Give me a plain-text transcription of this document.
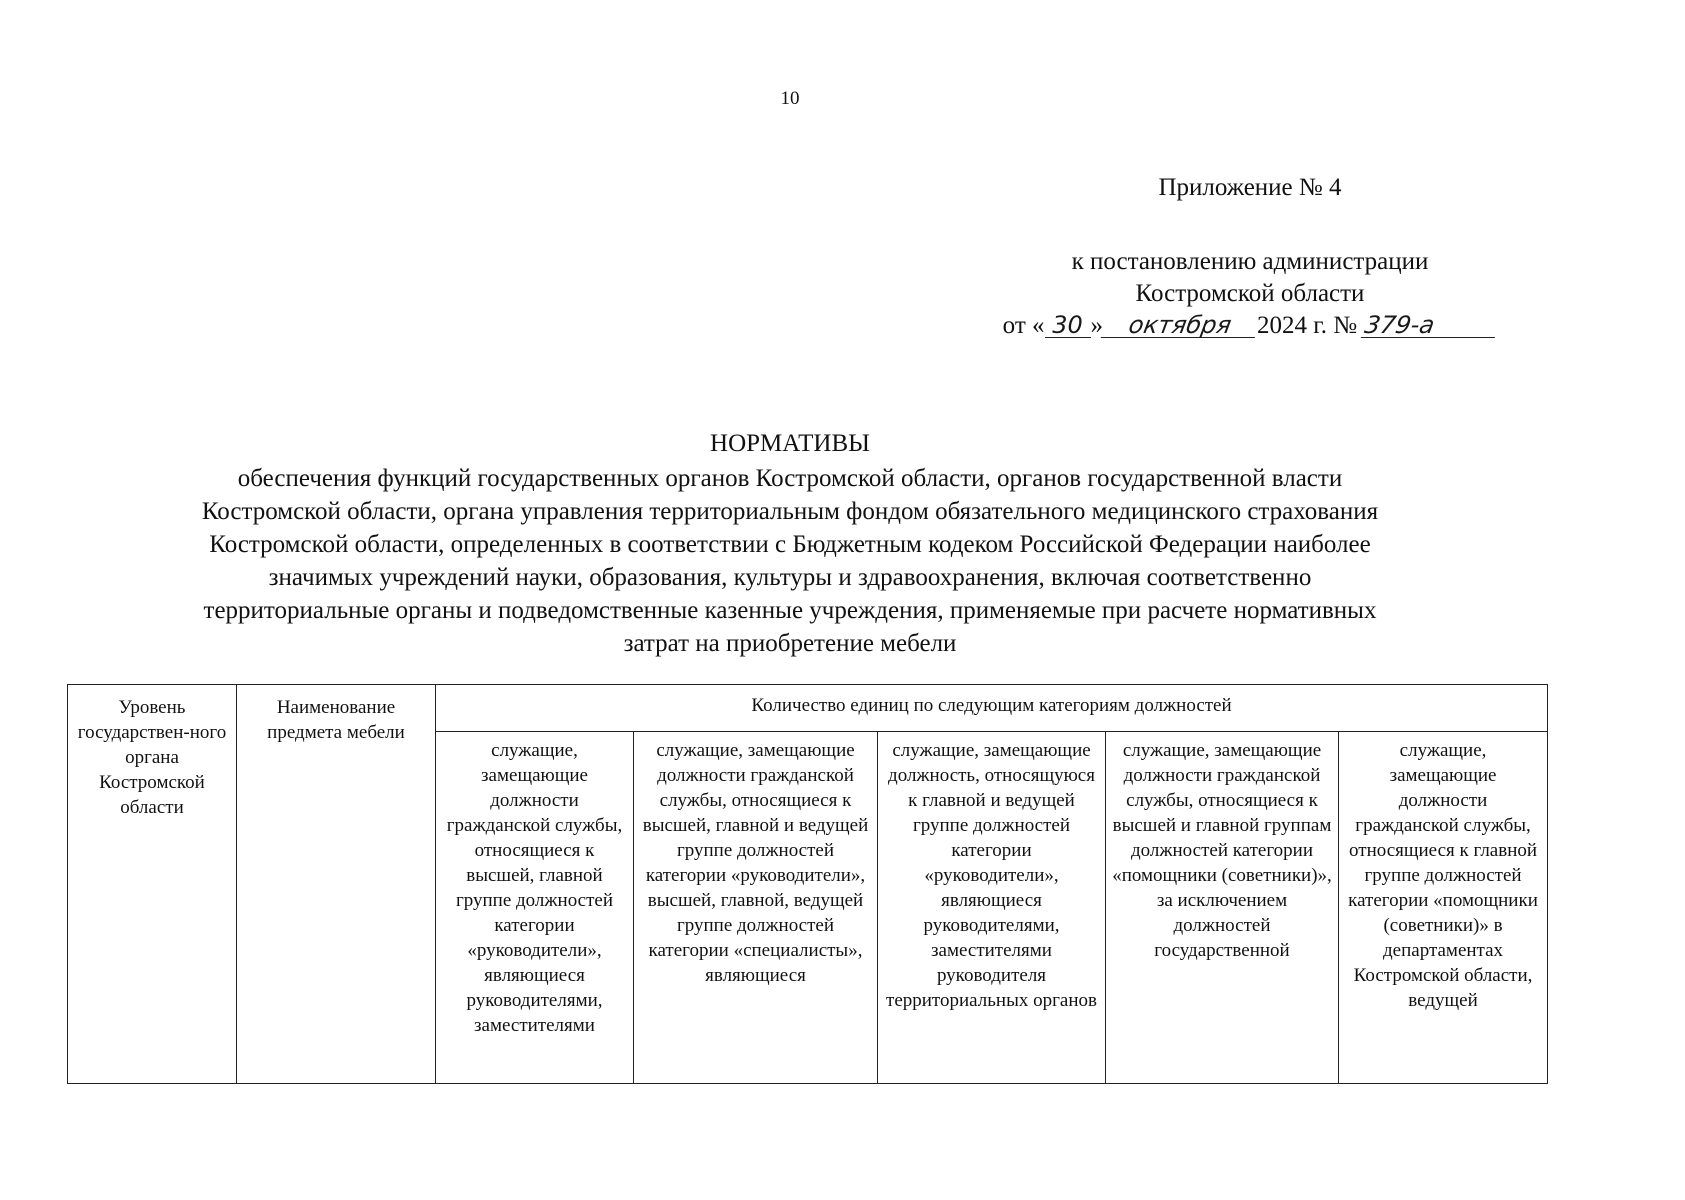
10
Приложение № 4
к постановлению администрации
Костромской области
от « 30 » октября 2024 г. № 379-а
НОРМАТИВЫ
обеспечения функций государственных органов Костромской области, органов государственной власти
Костромской области, органа управления территориальным фондом обязательного медицинского страхования
Костромской области, определенных в соответствии с Бюджетным кодеком Российской Федерации наиболее
значимых учреждений науки, образования, культуры и здравоохранения, включая соответственно
территориальные органы и подведомственные казенные учреждения, применяемые при расчете нормативных
затрат на приобретение мебели
Уровень государствен-ного органа Костромской области	Наименование предмета мебели	Количество единиц по следующим категориям должностей				

		служащие, замещающие должности гражданской службы, относящиеся к высшей, главной группе должностей категории «руководители», являющиеся руководителями, заместителями	служащие, замещающие должности гражданской службы, относящиеся к высшей, главной и ведущей группе должностей категории «руководители», высшей, главной, ведущей группе должностей категории «специалисты», являющиеся	служащие, замещающие должность, относящуюся к главной и ведущей группе должностей категории «руководители», являющиеся руководителями, заместителями руководителя территориальных органов	служащие, замещающие должности гражданской службы, относящиеся к высшей и главной группам должностей категории «помощники (советники)», за исключением должностей государственной	служащие, замещающие должности гражданской службы, относящиеся к главной группе должностей категории «помощники (советники)» в департаментах Костромской области, ведущей
